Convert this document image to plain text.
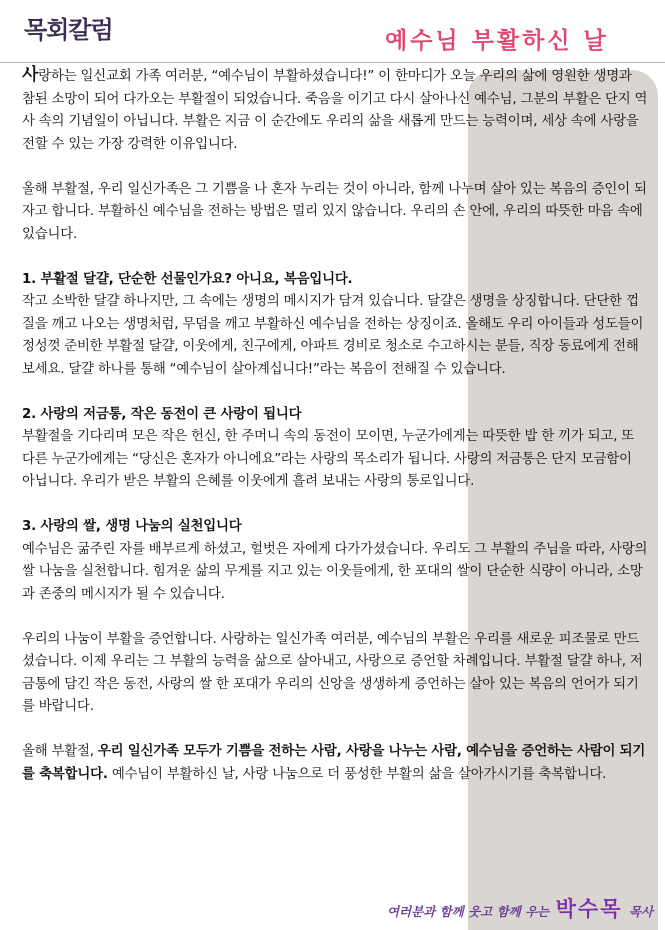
목회칼럼	예수님 부활하신 날

사랑하는 일신교회 가족 여러분, “예수님이 부활하셨습니다!” 이 한마디가 오늘 우리의 삶에 영원한 생명과 참된 소망이 되어 다가오는 부활절이 되었습니다. 죽음을 이기고 다시 살아나신 예수님, 그분의 부활은 단지 역사 속의 기념일이 아닙니다. 부활은 지금 이 순간에도 우리의 삶을 새롭게 만드는 능력이며, 세상 속에 사랑을 전할 수 있는 가장 강력한 이유입니다.

올해 부활절, 우리 일신가족은 그 기쁨을 나 혼자 누리는 것이 아니라, 함께 나누며 살아 있는 복음의 증인이 되자고 합니다. 부활하신 예수님을 전하는 방법은 멀리 있지 않습니다. 우리의 손 안에, 우리의 따뜻한 마음 속에 있습니다.

1. 부활절 달걀, 단순한 선물인가요? 아니요, 복음입니다.

작고 소박한 달걀 하나지만, 그 속에는 생명의 메시지가 담겨 있습니다. 달걀은 생명을 상징합니다. 단단한 껍질을 깨고 나오는 생명처럼, 무덤을 깨고 부활하신 예수님을 전하는 상징이죠. 올해도 우리 아이들과 성도들이 정성껏 준비한 부활절 달걀, 이웃에게, 친구에게, 아파트 경비로 청소로 수고하시는 분들, 직장 동료에게 전해보세요. 달걀 하나를 통해 “예수님이 살아계십니다!”라는 복음이 전해질 수 있습니다.

2. 사랑의 저금통, 작은 동전이 큰 사랑이 됩니다

부활절을 기다리며 모은 작은 헌신, 한 주머니 속의 동전이 모이면, 누군가에게는 따뜻한 밥 한 끼가 되고, 또 다른 누군가에게는 “당신은 혼자가 아니에요”라는 사랑의 목소리가 됩니다. 사랑의 저금통은 단지 모금함이 아닙니다. 우리가 받은 부활의 은혜를 이웃에게 흘려 보내는 사랑의 통로입니다.

3. 사랑의 쌀, 생명 나눔의 실천입니다

예수님은 굶주린 자를 배부르게 하셨고, 헐벗은 자에게 다가가셨습니다. 우리도 그 부활의 주님을 따라, 사랑의 쌀 나눔을 실천합니다. 힘겨운 삶의 무게를 지고 있는 이웃들에게, 한 포대의 쌀이 단순한 식량이 아니라, 소망과 존중의 메시지가 될 수 있습니다.

우리의 나눔이 부활을 증언합니다. 사랑하는 일신가족 여러분, 예수님의 부활은 우리를 새로운 피조물로 만드셨습니다. 이제 우리는 그 부활의 능력을 삶으로 살아내고, 사랑으로 증언할 차례입니다. 부활절 달걀 하나, 저금통에 담긴 작은 동전, 사랑의 쌀 한 포대가 우리의 신앙을 생생하게 증언하는 살아 있는 복음의 언어가 되기를 바랍니다.

올해 부활절, 우리 일신가족 모두가 기쁨을 전하는 사람, 사랑을 나누는 사람, 예수님을 증언하는 사람이 되기를 축복합니다. 예수님이 부활하신 날, 사랑 나눔으로 더 풍성한 부활의 삶을 살아가시기를 축복합니다.

여러분과 함께 웃고 함께 우는 박수목 목사
